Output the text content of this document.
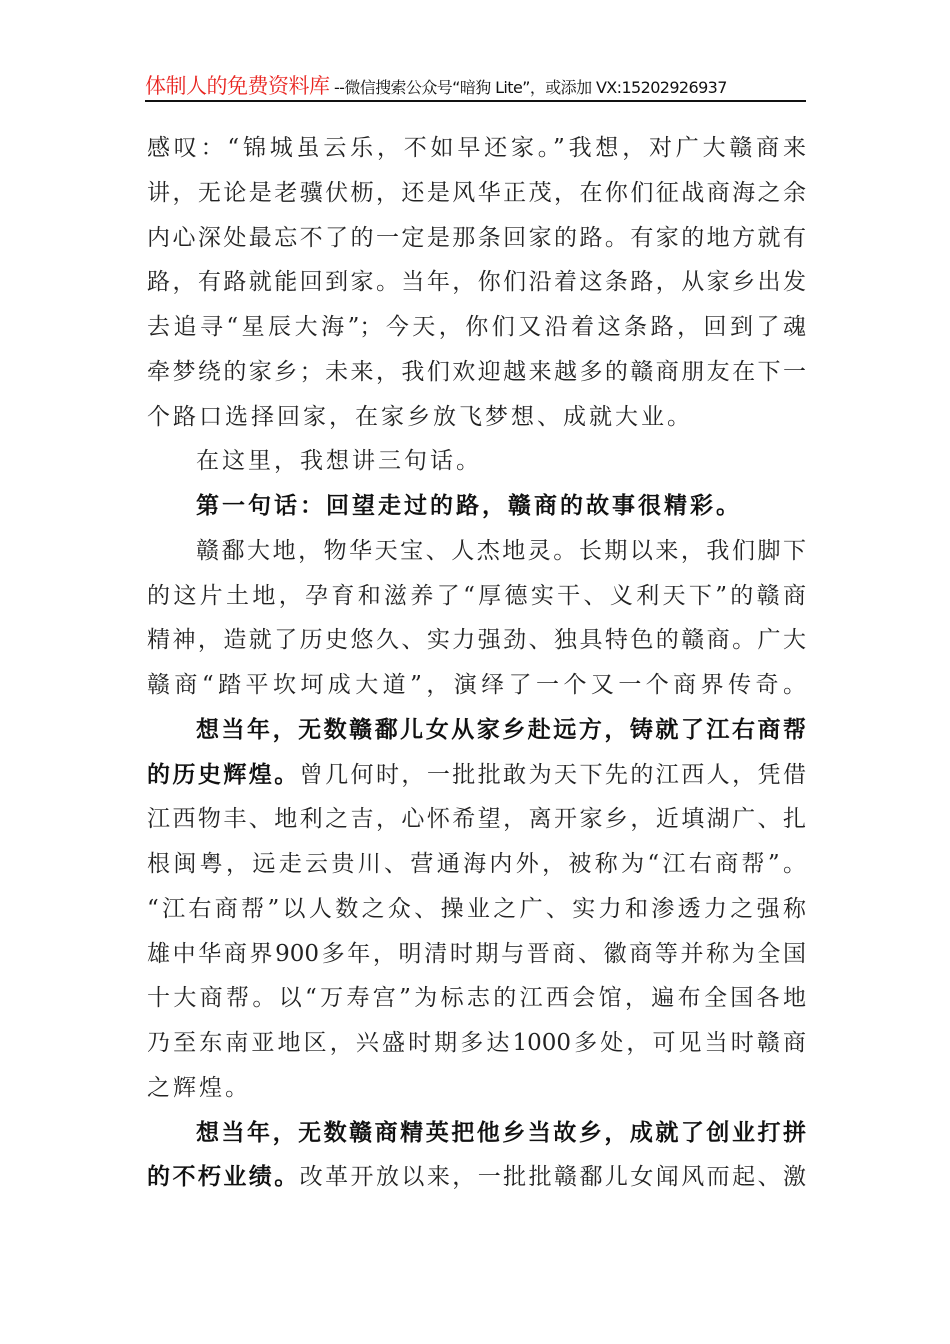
体制人的免费资料库 --微信搜索公众号“暗狗 Lite”，或添加 VX:15202926937
感叹：“锦城虽云乐，不如早还家。”我想，对广大赣商来
讲，无论是老骥伏枥，还是风华正茂，在你们征战商海之余
内心深处最忘不了的一定是那条回家的路。有家的地方就有
路，有路就能回到家。当年，你们沿着这条路，从家乡出发
去追寻“星辰大海”；今天，你们又沿着这条路，回到了魂
牵梦绕的家乡；未来，我们欢迎越来越多的赣商朋友在下一
个路口选择回家，在家乡放飞梦想、成就大业。
在这里，我想讲三句话。
第一句话：回望走过的路，赣商的故事很精彩。
赣鄱大地，物华天宝、人杰地灵。长期以来，我们脚下
的这片土地，孕育和滋养了“厚德实干、义利天下”的赣商
精神，造就了历史悠久、实力强劲、独具特色的赣商。广大
赣商“踏平坎坷成大道”，演绎了一个又一个商界传奇。
想当年，无数赣鄱儿女从家乡赴远方，铸就了江右商帮
的历史辉煌。曾几何时，一批批敢为天下先的江西人，凭借
江西物丰、地利之吉，心怀希望，离开家乡，近填湖广、扎
根闽粤，远走云贵川、营通海内外，被称为“江右商帮”。
“江右商帮”以人数之众、操业之广、实力和渗透力之强称
雄中华商界900多年，明清时期与晋商、徽商等并称为全国
十大商帮。以“万寿宫”为标志的江西会馆，遍布全国各地
乃至东南亚地区，兴盛时期多达1000多处，可见当时赣商
之辉煌。
想当年，无数赣商精英把他乡当故乡，成就了创业打拼
的不朽业绩。改革开放以来，一批批赣鄱儿女闻风而起、激
